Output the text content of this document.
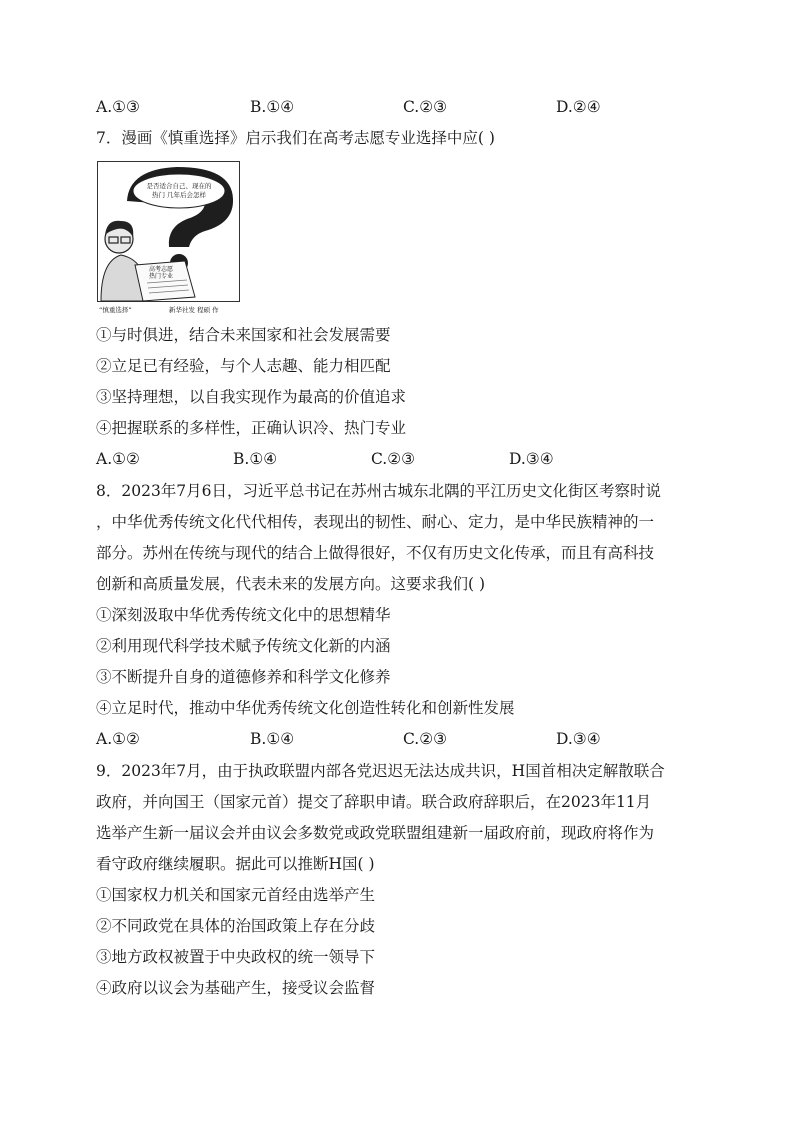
A.①③	B.①④	C.②③	D.②④
7．漫画《慎重选择》启示我们在高考志愿专业选择中应( )
是否适合自己、现在的
热门 几年后会怎样
高考志愿
热门专业
“慎重选择”	新华社发 程硕 作
①与时俱进，结合未来国家和社会发展需要
②立足已有经验，与个人志趣、能力相匹配
③坚持理想，以自我实现作为最高的价值追求
④把握联系的多样性，正确认识冷、热门专业
A.①②	B.①④	C.②③	D.③④
8．2023年7月6日，习近平总书记在苏州古城东北隅的平江历史文化街区考察时说
，中华优秀传统文化代代相传，表现出的韧性、耐心、定力，是中华民族精神的一
部分。苏州在传统与现代的结合上做得很好，不仅有历史文化传承，而且有高科技
创新和高质量发展，代表未来的发展方向。这要求我们( )
①深刻汲取中华优秀传统文化中的思想精华
②利用现代科学技术赋予传统文化新的内涵
③不断提升自身的道德修养和科学文化修养
④立足时代，推动中华优秀传统文化创造性转化和创新性发展
A.①②	B.①④	C.②③	D.③④
9．2023年7月，由于执政联盟内部各党迟迟无法达成共识，H国首相决定解散联合
政府，并向国王（国家元首）提交了辞职申请。联合政府辞职后，在2023年11月
选举产生新一届议会并由议会多数党或政党联盟组建新一届政府前，现政府将作为
看守政府继续履职。据此可以推断H国( )
①国家权力机关和国家元首经由选举产生
②不同政党在具体的治国政策上存在分歧
③地方政权被置于中央政权的统一领导下
④政府以议会为基础产生，接受议会监督
